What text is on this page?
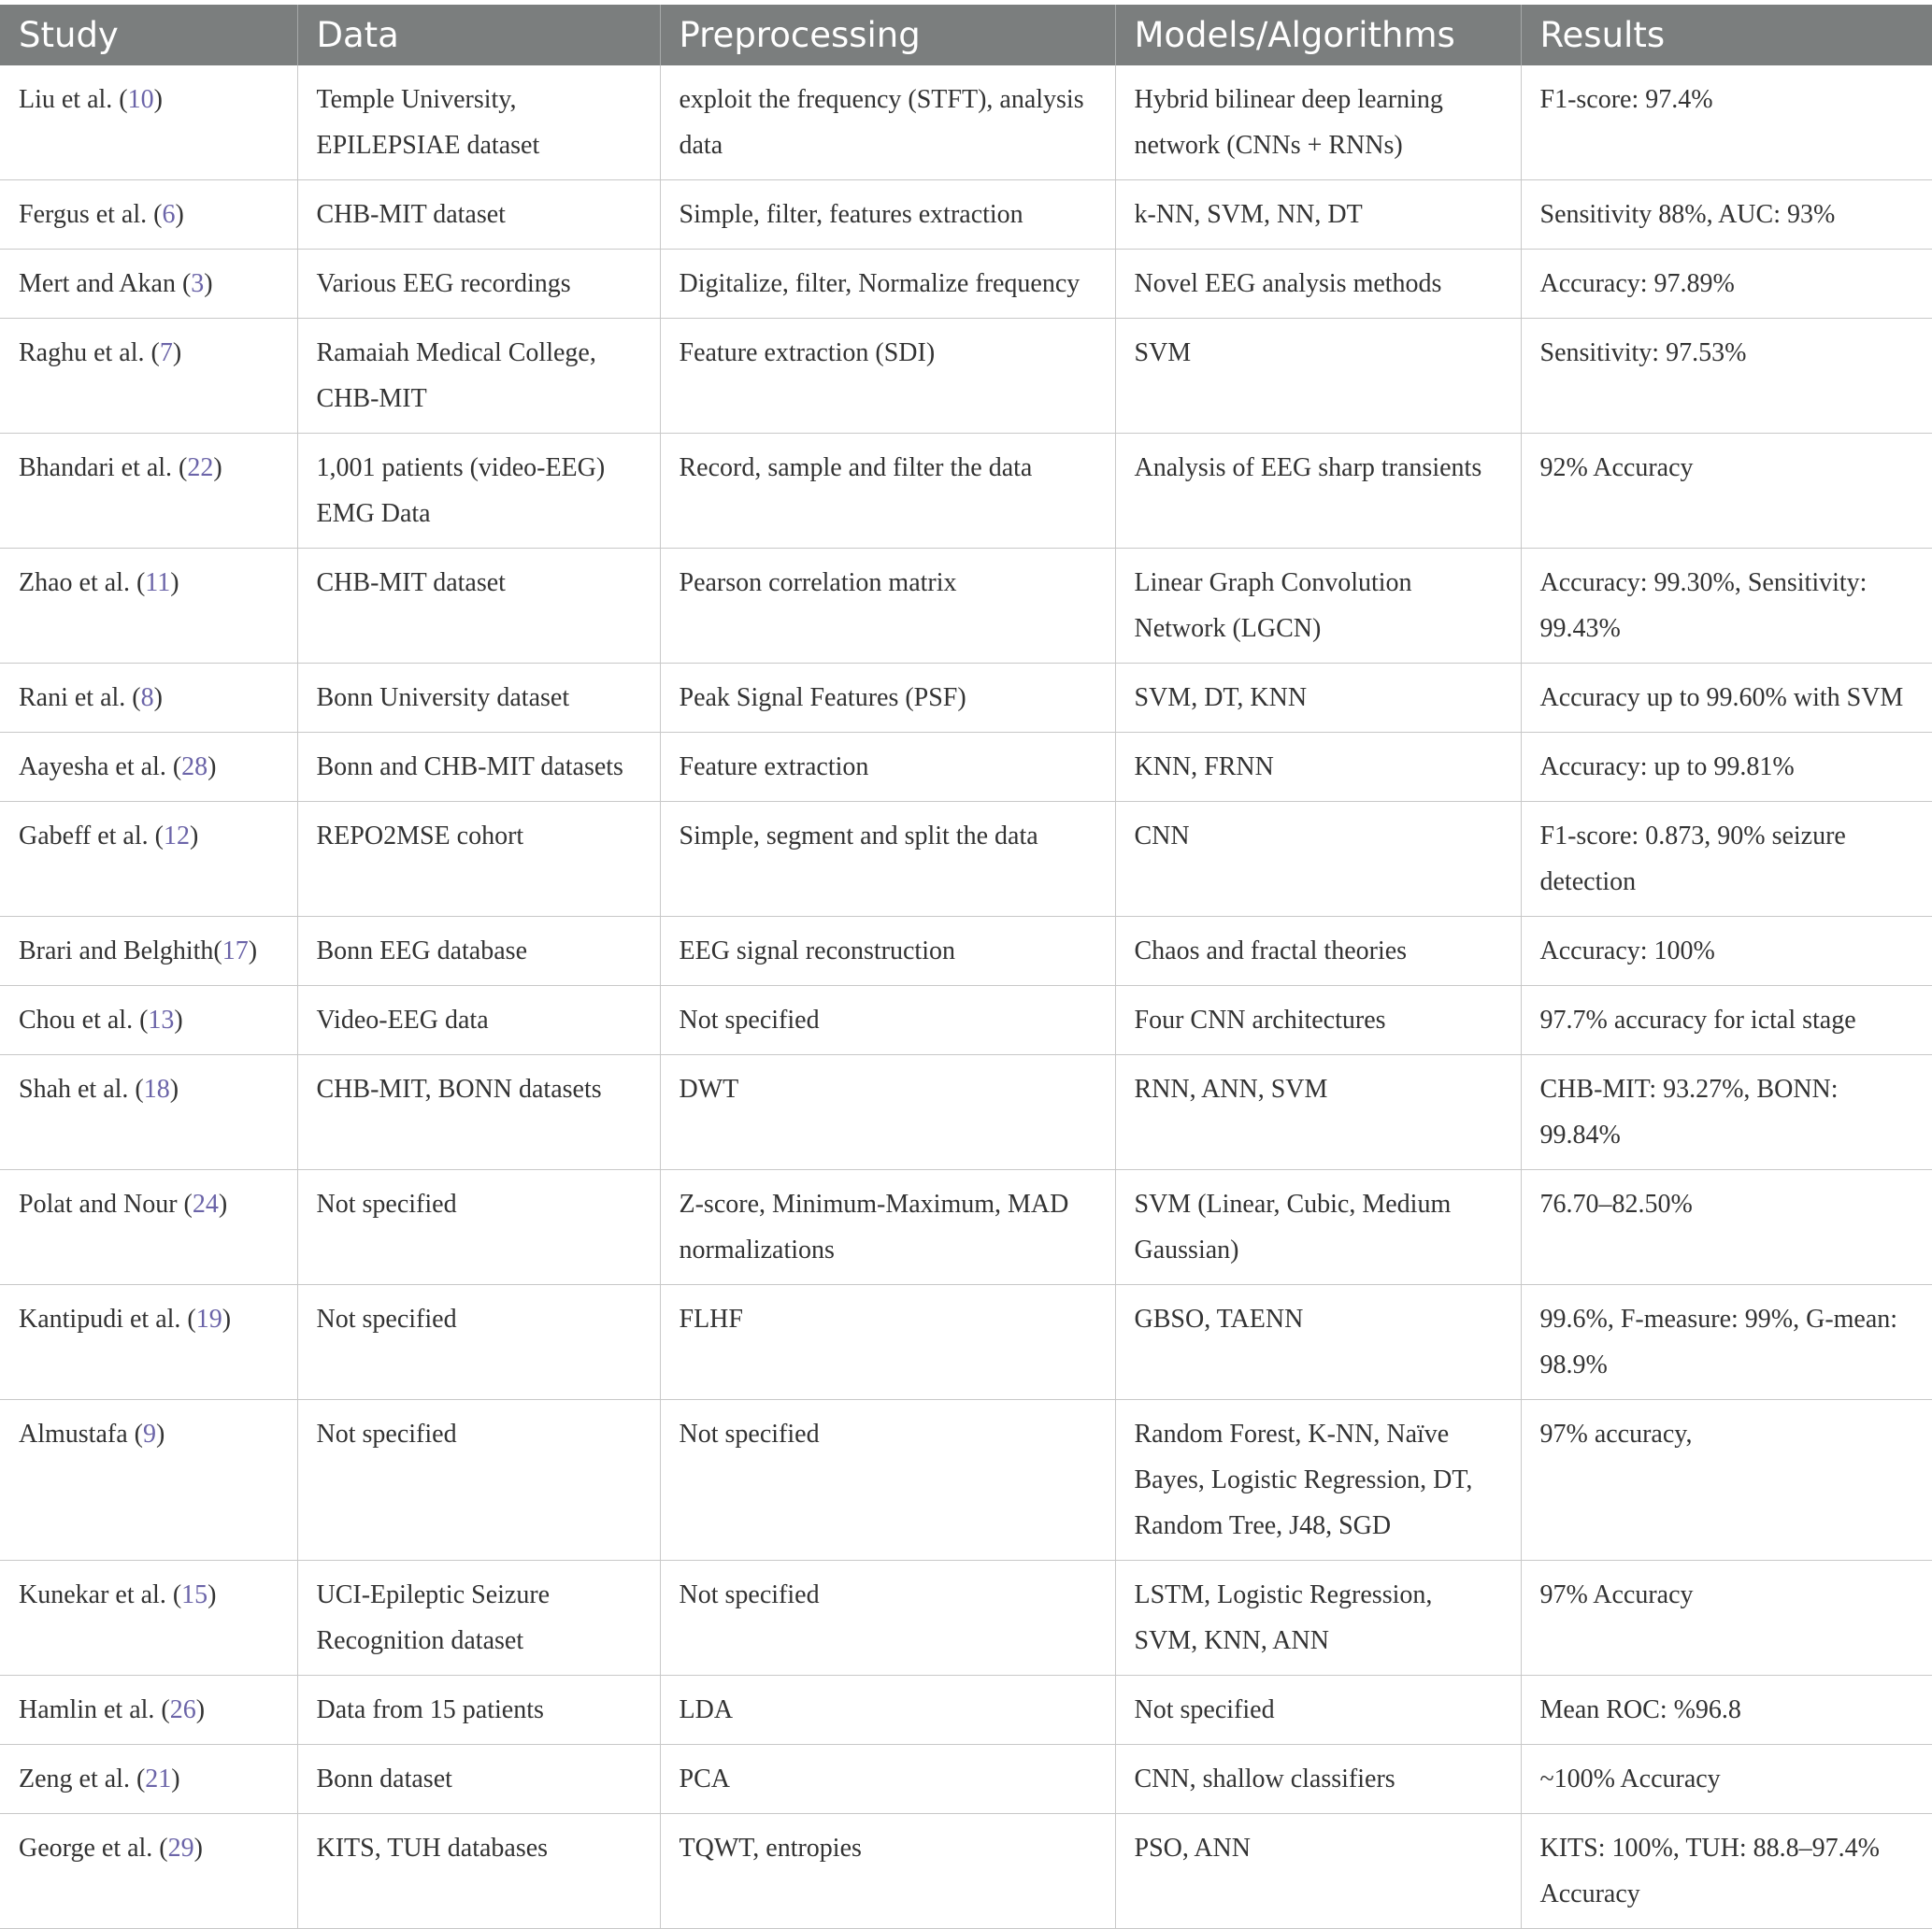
Study	Data	Preprocessing	Models/Algorithms	Results
Liu et al. (10)	Temple University, EPILEPSIAE dataset	exploit the frequency (STFT), analysis data	Hybrid bilinear deep learning network (CNNs + RNNs)	F1-score: 97.4%
Fergus et al. (6)	CHB-MIT dataset	Simple, filter, features extraction	k-NN, SVM, NN, DT	Sensitivity 88%, AUC: 93%
Mert and Akan (3)	Various EEG recordings	Digitalize, filter, Normalize frequency	Novel EEG analysis methods	Accuracy: 97.89%
Raghu et al. (7)	Ramaiah Medical College, CHB-MIT	Feature extraction (SDI)	SVM	Sensitivity: 97.53%
Bhandari et al. (22)	1,001 patients (video-EEG) EMG Data	Record, sample and filter the data	Analysis of EEG sharp transients	92% Accuracy
Zhao et al. (11)	CHB-MIT dataset	Pearson correlation matrix	Linear Graph Convolution Network (LGCN)	Accuracy: 99.30%, Sensitivity: 99.43%
Rani et al. (8)	Bonn University dataset	Peak Signal Features (PSF)	SVM, DT, KNN	Accuracy up to 99.60% with SVM
Aayesha et al. (28)	Bonn and CHB-MIT datasets	Feature extraction	KNN, FRNN	Accuracy: up to 99.81%
Gabeff et al. (12)	REPO2MSE cohort	Simple, segment and split the data	CNN	F1-score: 0.873, 90% seizure detection
Brari and Belghith(17)	Bonn EEG database	EEG signal reconstruction	Chaos and fractal theories	Accuracy: 100%
Chou et al. (13)	Video-EEG data	Not specified	Four CNN architectures	97.7% accuracy for ictal stage
Shah et al. (18)	CHB-MIT, BONN datasets	DWT	RNN, ANN, SVM	CHB-MIT: 93.27%, BONN: 99.84%
Polat and Nour (24)	Not specified	Z-score, Minimum-Maximum, MAD normalizations	SVM (Linear, Cubic, Medium Gaussian)	76.70–82.50%
Kantipudi et al. (19)	Not specified	FLHF	GBSO, TAENN	99.6%, F-measure: 99%, G-mean: 98.9%
Almustafa (9)	Not specified	Not specified	Random Forest, K-NN, Naïve Bayes, Logistic Regression, DT, Random Tree, J48, SGD	97% accuracy,
Kunekar et al. (15)	UCI-Epileptic Seizure Recognition dataset	Not specified	LSTM, Logistic Regression, SVM, KNN, ANN	97% Accuracy
Hamlin et al. (26)	Data from 15 patients	LDA	Not specified	Mean ROC: %96.8
Zeng et al. (21)	Bonn dataset	PCA	CNN, shallow classifiers	~100% Accuracy
George et al. (29)	KITS, TUH databases	TQWT, entropies	PSO, ANN	KITS: 100%, TUH: 88.8–97.4% Accuracy
